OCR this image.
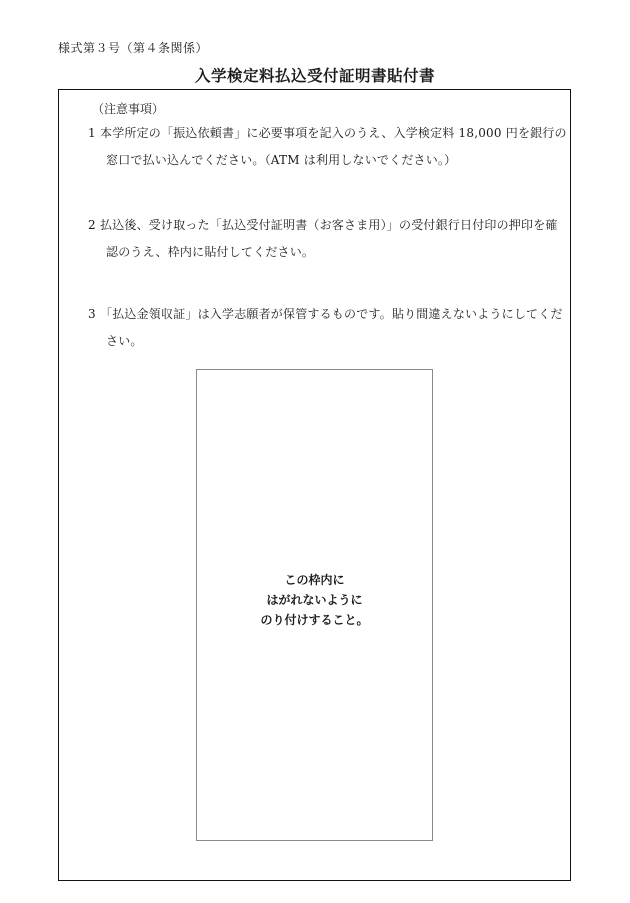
様式第３号（第４条関係）
入学検定料払込受付証明書貼付書
（注意事項）
1 本学所定の「振込依頼書」に必要事項を記入のうえ、入学検定料 18,000 円を銀行の
窓口で払い込んでください。（ATM は利用しないでください。）
2 払込後、受け取った「払込受付証明書（お客さま用）」の受付銀行日付印の押印を確
認のうえ、枠内に貼付してください。
3 「払込金領収証」は入学志願者が保管するものです。貼り間違えないようにしてくだ
さい。
この枠内に
はがれないように
のり付けすること。
